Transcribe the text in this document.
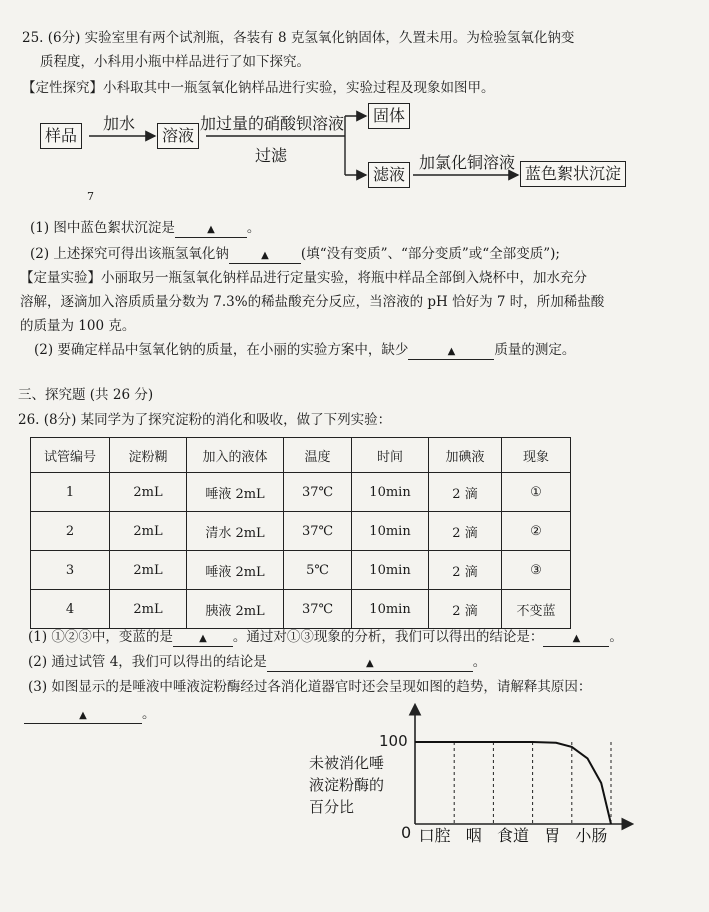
25. (6分) 实验室里有两个试剂瓶，各装有 8 克氢氧化钠固体，久置未用。为检验氢氧化钠变
质程度，小科用小瓶中样品进行了如下探究。
【定性探究】小科取其中一瓶氢氧化钠样品进行实验，实验过程及现象如图甲。
样品
加水
溶液
加过量的硝酸钡溶液
过滤
固体
滤液
加氯化铜溶液
蓝色絮状沉淀
7
(1) 图中蓝色絮状沉淀是	▲ 。
(2) 上述探究可得出该瓶氢氧化钠	▲ (填“没有变质”、“部分变质”或“全部变质”);
【定量实验】小丽取另一瓶氢氧化钠样品进行定量实验，将瓶中样品全部倒入烧杯中，加水充分
溶解，逐滴加入溶质质量分数为 7.3%的稀盐酸充分反应，当溶液的 pH 恰好为 7 时，所加稀盐酸
的质量为 100 克。
(2) 要确定样品中氢氧化钠的质量，在小丽的实验方案中，缺少	▲	质量的测定。
三、探究题 (共 26 分)
26. (8分) 某同学为了探究淀粉的消化和吸收，做了下列实验：
试管编号	淀粉糊	加入的液体	温度	时间	加碘液	现象
1	2mL	唾液 2mL	37℃	10min	2 滴	①
2	2mL	清水 2mL	37℃	10min	2 滴	②
3	2mL	唾液 2mL	5℃	10min	2 滴	③
4	2mL	胰液 2mL	37℃	10min	2 滴	不变蓝
(1) ①②③中，变蓝的是	▲ 。通过对①③现象的分析，我们可以得出的结论是：	▲ 。
(2) 通过试管 4，我们可以得出的结论是	▲	。
(3) 如图显示的是唾液中唾液淀粉酶经过各消化道器官时还会呈现如图的趋势，请解释其原因：
▲	。
100
未被消化唾
液淀粉酶的
百分比
0 口腔 咽 食道 胃 小肠
